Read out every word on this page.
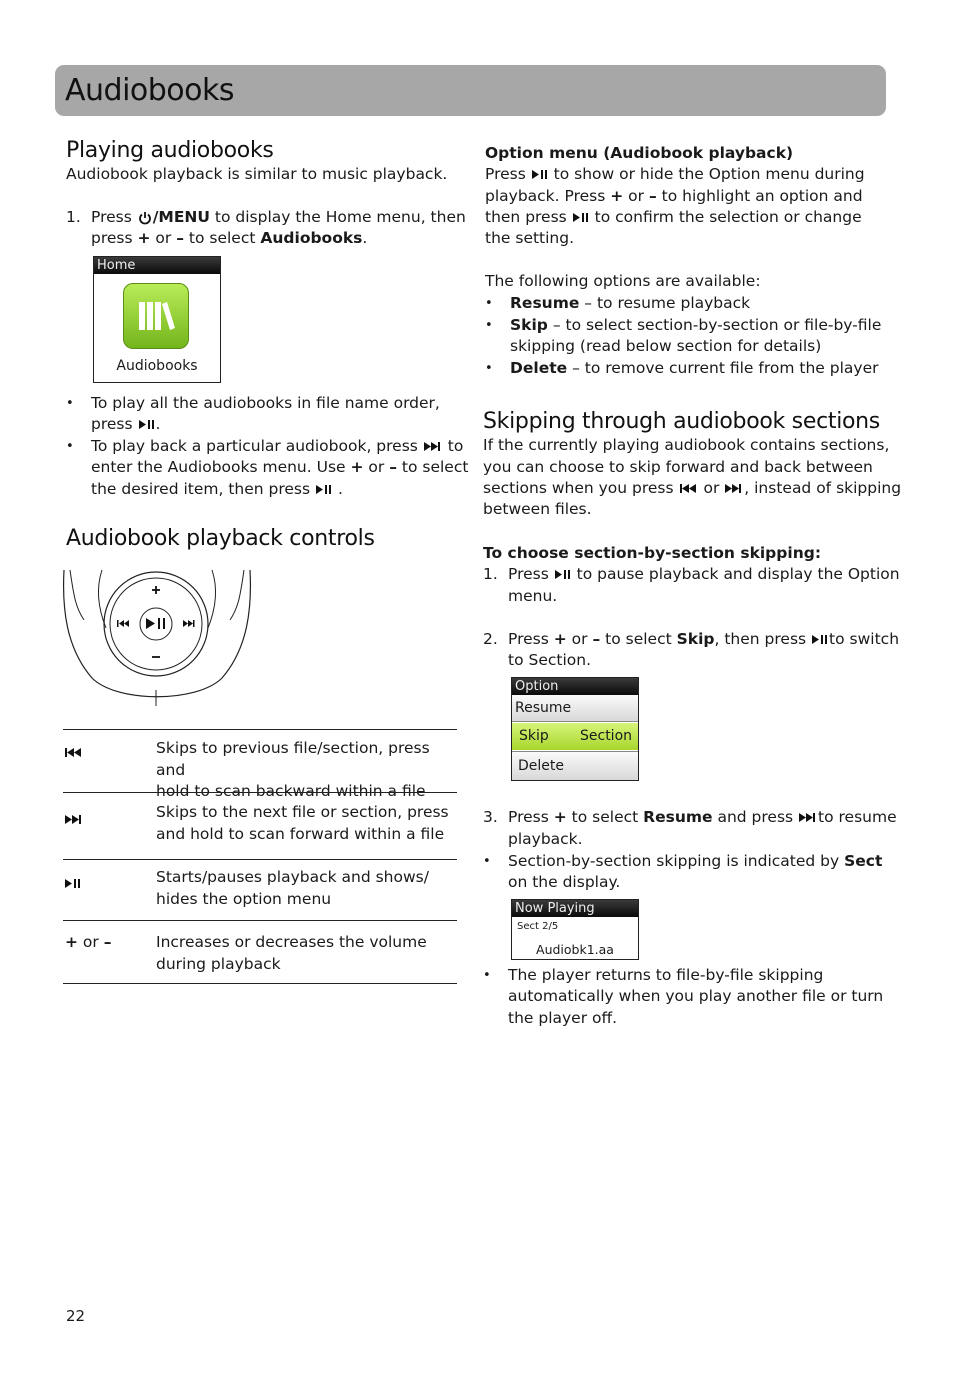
Audiobooks
Playing audiobooks
Audiobook playback is similar to music playback.
1. Press /MENU to display the Home menu, then
press + or – to select Audiobooks.
Home
Audiobooks
• To play all the audiobooks in file name order,
press .
• To play back a particular audiobook, press to
enter the Audiobooks menu. Use + or – to select
the desired item, then press .
Audiobook playback controls
Skips to previous file/section, press and
hold to scan backward within a file
Skips to the next file or section, press
and hold to scan forward within a file
Starts/pauses playback and shows/
hides the option menu
+ or –	Increases or decreases the volume
during playback
Option menu (Audiobook playback)
Press to show or hide the Option menu during
playback. Press + or – to highlight an option and
then press to confirm the selection or change
the setting.
The following options are available:
• Resume – to resume playback
• Skip – to select section-by-section or file-by-file
skipping (read below section for details)
• Delete – to remove current file from the player
Skipping through audiobook sections
If the currently playing audiobook contains sections,
you can choose to skip forward and back between
sections when you press or , instead of skipping
between files.
To choose section-by-section skipping:
1. Press to pause playback and display the Option
menu.
2. Press + or – to select Skip, then press to switch
to Section.
Option
Resume
Skip Section
Delete
3. Press + to select Resume and press to resume
playback.
• Section-by-section skipping is indicated by Sect
on the display.
Now Playing
Sect 2/5
Audiobk1.aa
• The player returns to file-by-file skipping
automatically when you play another file or turn
the player off.
22
